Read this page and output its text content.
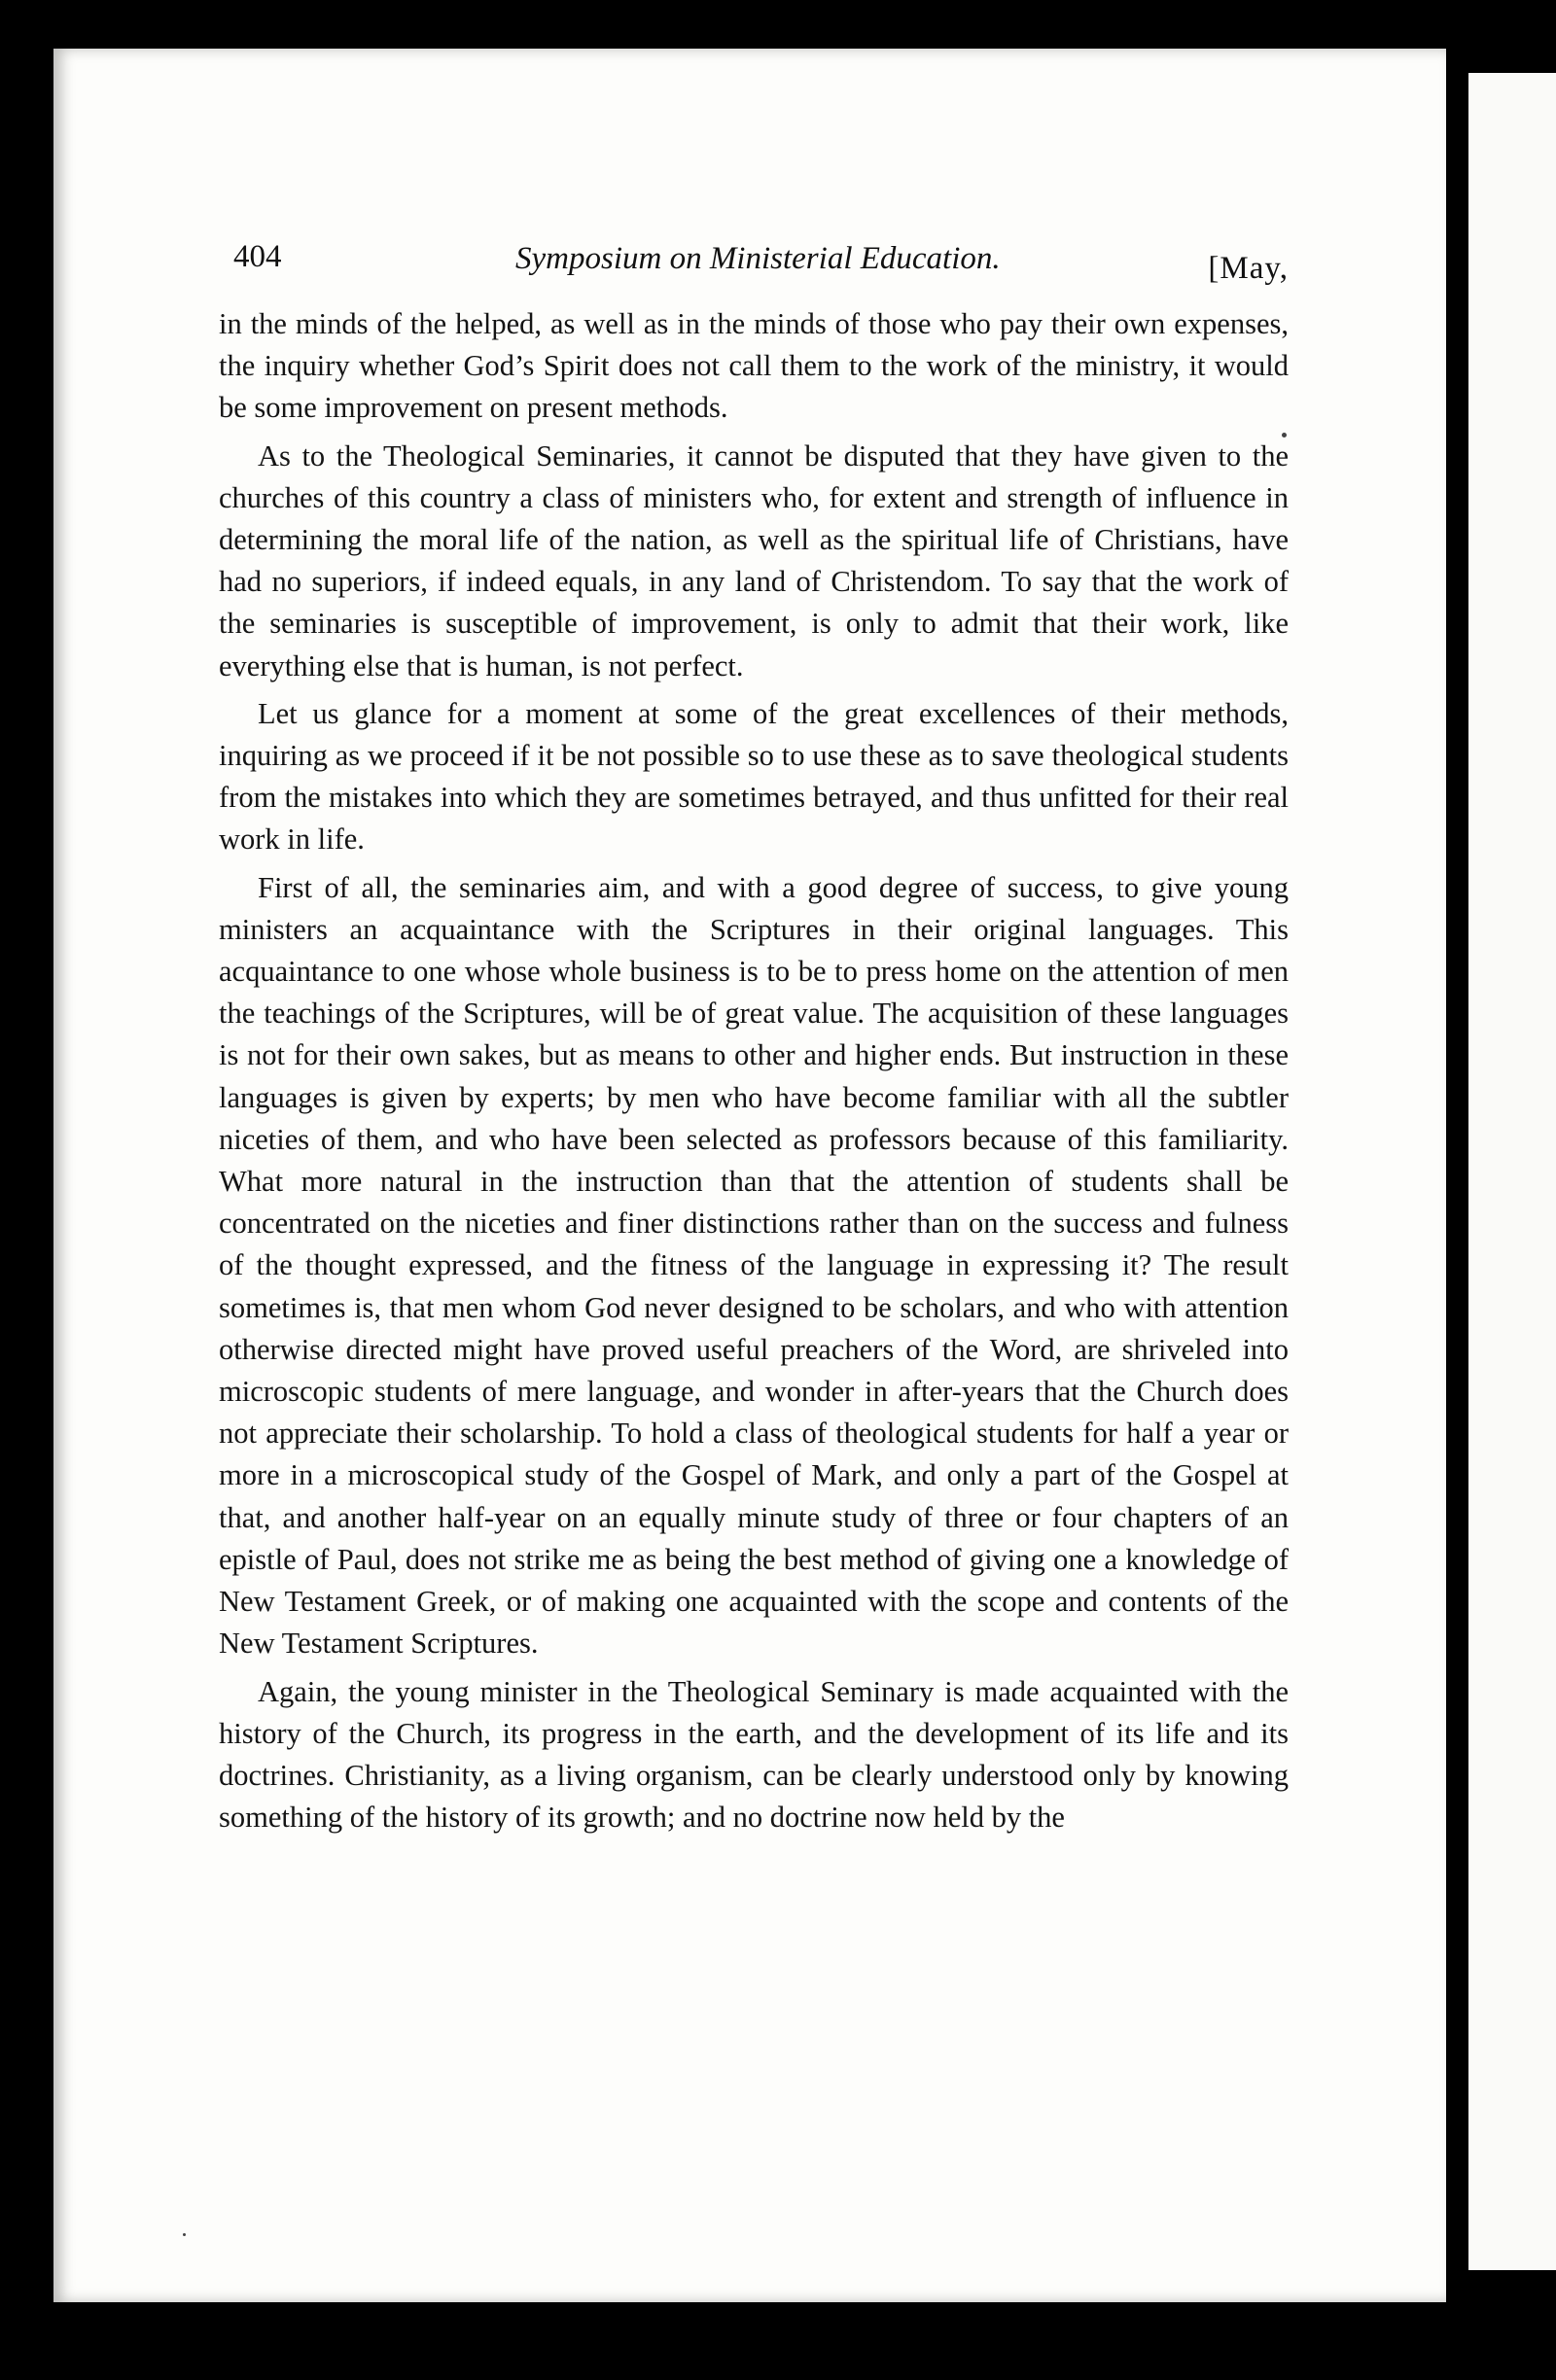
404	Symposium on Ministerial Education.	[May,

in the minds of the helped, as well as in the minds of those who pay their own expenses, the inquiry whether God’s Spirit does not call them to the work of the ministry, it would be some improvement on present methods.

As to the Theological Seminaries, it cannot be disputed that they have given to the churches of this country a class of ministers who, for extent and strength of influence in determining the moral life of the nation, as well as the spiritual life of Christians, have had no superiors, if indeed equals, in any land of Christendom. To say that the work of the seminaries is susceptible of improvement, is only to admit that their work, like everything else that is human, is not perfect.

Let us glance for a moment at some of the great excellences of their methods, inquiring as we proceed if it be not possible so to use these as to save theological students from the mistakes into which they are sometimes betrayed, and thus unfitted for their real work in life.

First of all, the seminaries aim, and with a good degree of success, to give young ministers an acquaintance with the Scriptures in their original languages. This acquaintance to one whose whole business is to be to press home on the attention of men the teachings of the Scriptures, will be of great value. The acquisition of these languages is not for their own sakes, but as means to other and higher ends. But instruction in these languages is given by experts; by men who have become familiar with all the subtler niceties of them, and who have been selected as professors because of this familiarity. What more natural in the instruction than that the attention of students shall be concentrated on the niceties and finer distinctions rather than on the success and fulness of the thought expressed, and the fitness of the language in expressing it? The result sometimes is, that men whom God never designed to be scholars, and who with attention otherwise directed might have proved useful preachers of the Word, are shriveled into microscopic students of mere language, and wonder in after-years that the Church does not appreciate their scholarship. To hold a class of theological students for half a year or more in a microscopical study of the Gospel of Mark, and only a part of the Gospel at that, and another half-year on an equally minute study of three or four chapters of an epistle of Paul, does not strike me as being the best method of giving one a knowledge of New Testament Greek, or of making one acquainted with the scope and contents of the New Testament Scriptures.

Again, the young minister in the Theological Seminary is made acquainted with the history of the Church, its progress in the earth, and the development of its life and its doctrines. Christianity, as a living organism, can be clearly understood only by knowing something of the history of its growth; and no doctrine now held by the
